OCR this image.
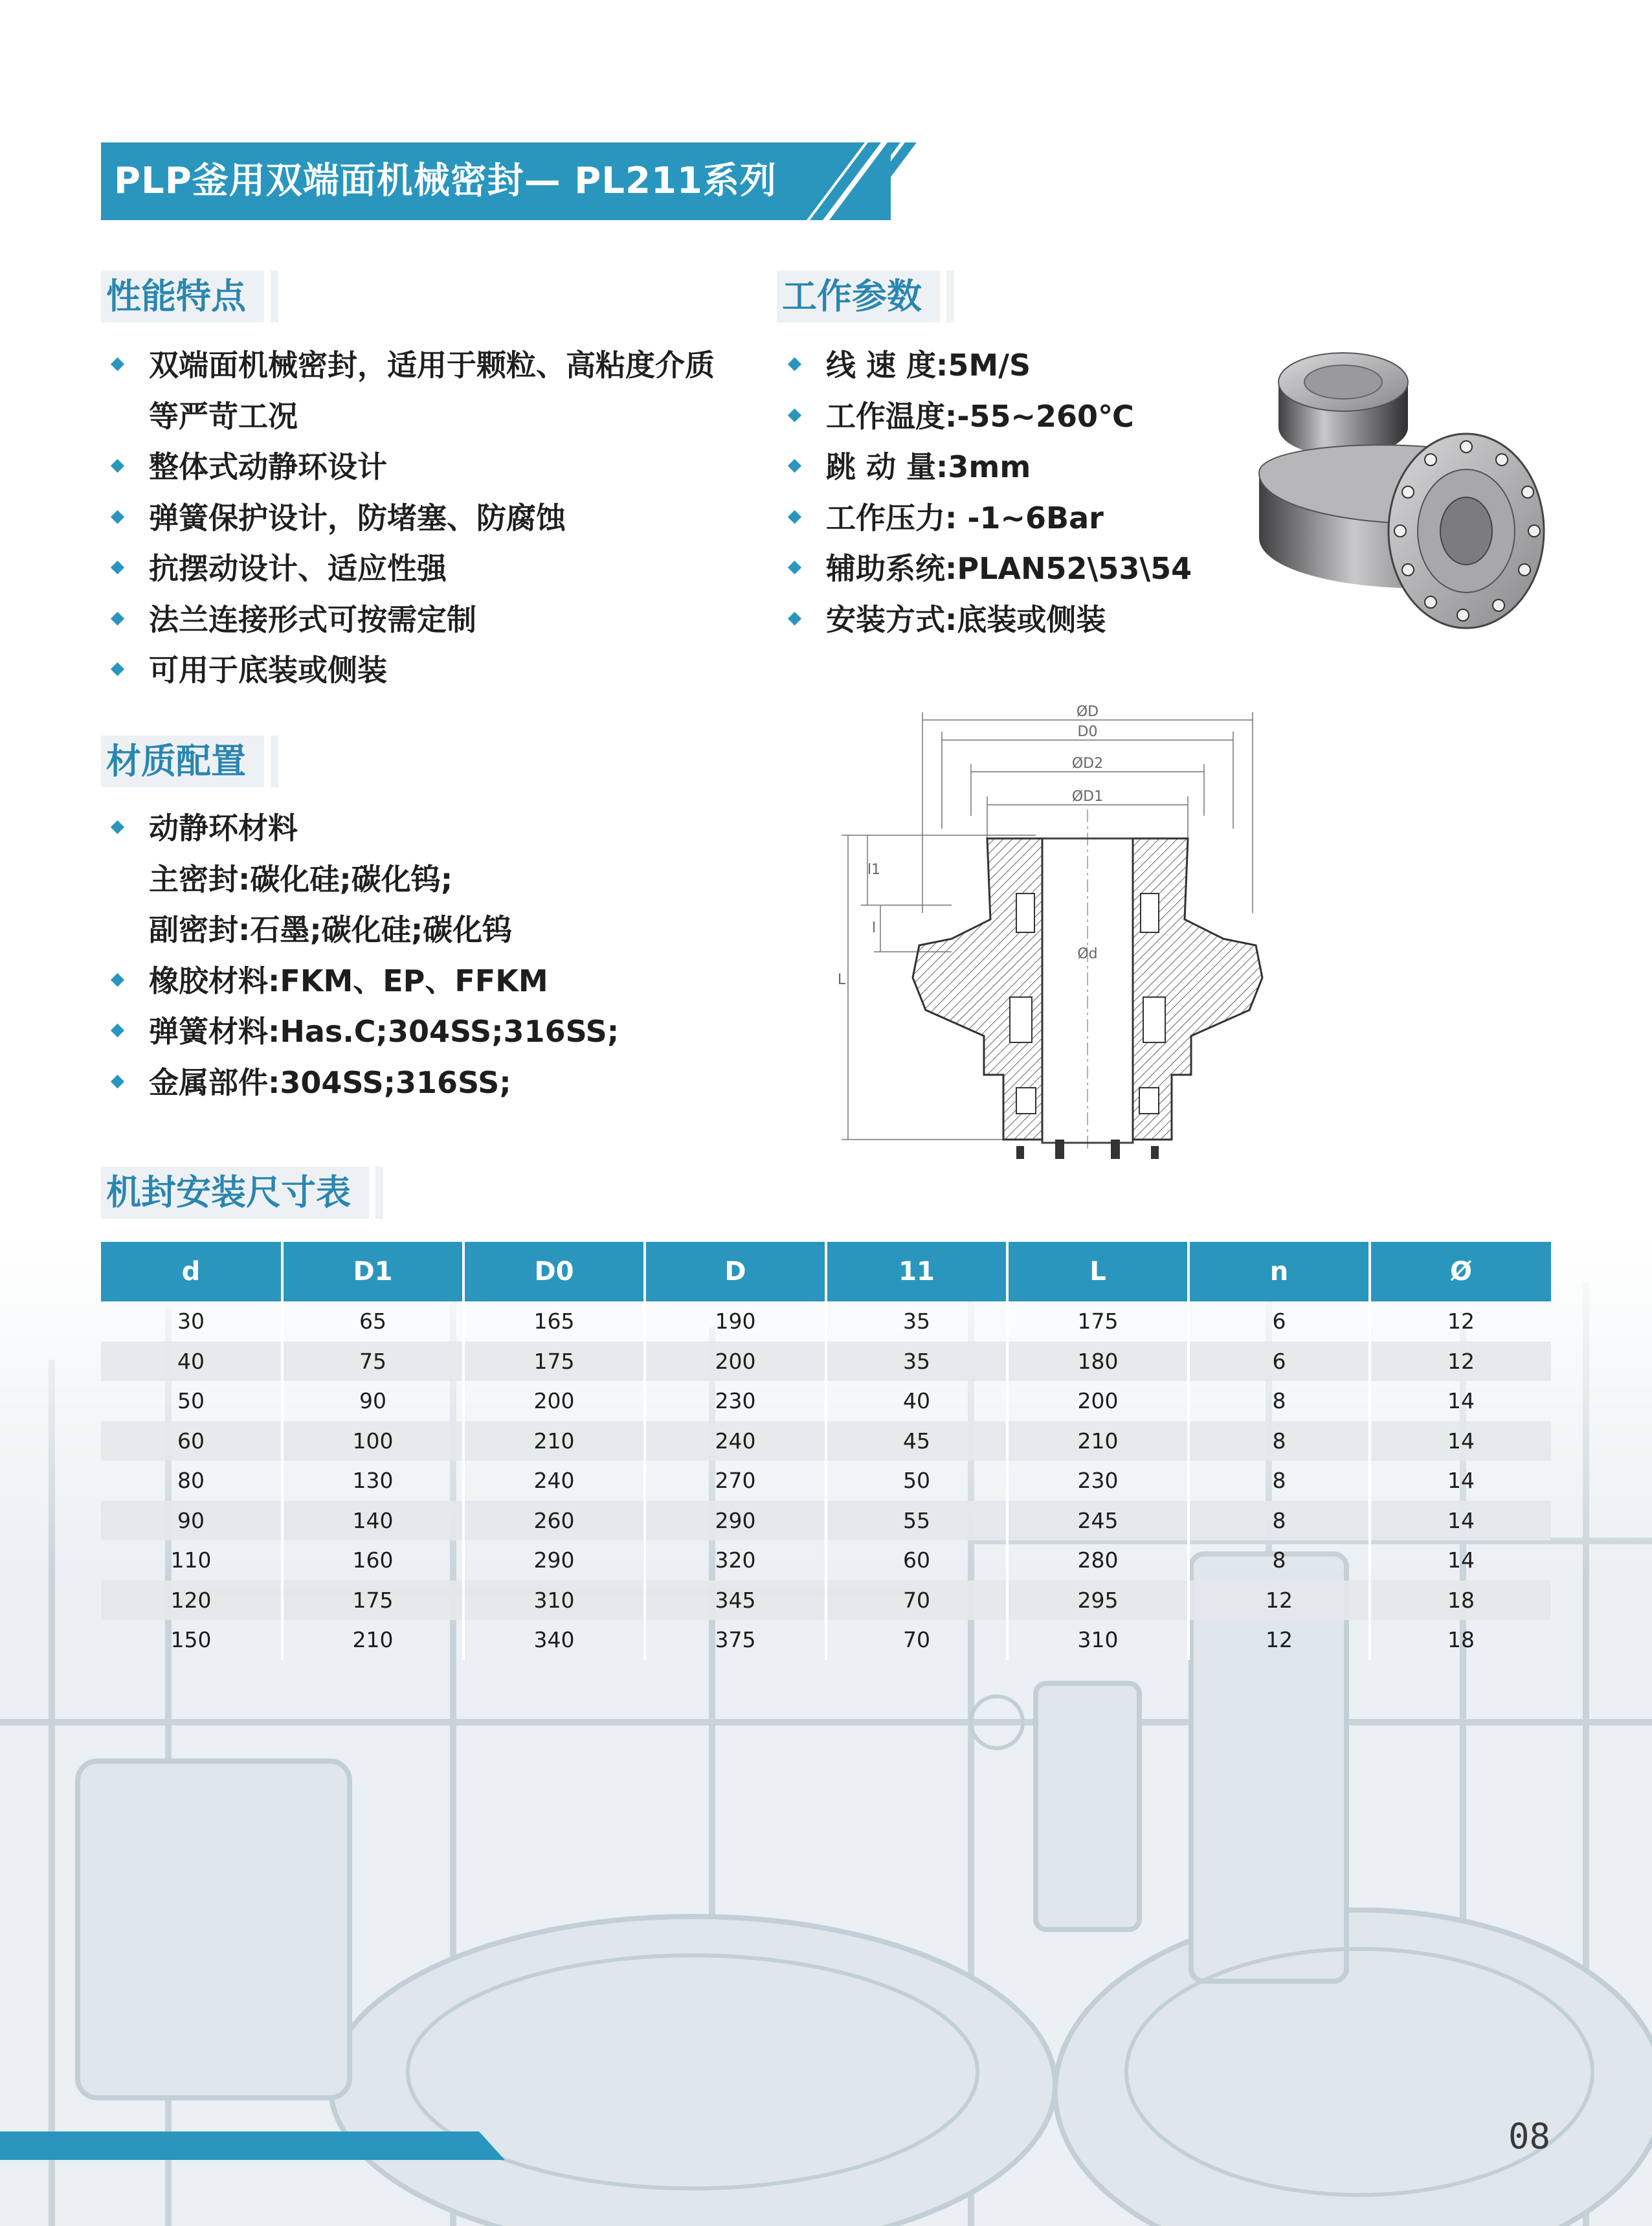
PLP釜用双端面机械密封— PL211系列
性能特点
双端面机械密封，适用于颗粒、高粘度介质
等严苛工况
整体式动静环设计
弹簧保护设计，防堵塞、防腐蚀
抗摆动设计、适应性强
法兰连接形式可按需定制
可用于底装或侧装
工作参数
线 速 度:5M/S
工作温度:-55~260℃
跳 动 量:3mm
工作压力: -1~6Bar
辅助系统:PLAN52\53\54
安装方式:底装或侧装
ØD
D0
ØD2
ØD1
Ød
L
l1
l
材质配置
动静环材料
主密封:碳化硅;碳化钨;
副密封:石墨;碳化硅;碳化钨
橡胶材料:FKM、EP、FFKM
弹簧材料:Has.C;304SS;316SS;
金属部件:304SS;316SS;
机封安装尺寸表
d	D1	D0	D	11	L	n	Ø
30	65	165	190	35	175	6	12
40	75	175	200	35	180	6	12
50	90	200	230	40	200	8	14
60	100	210	240	45	210	8	14
80	130	240	270	50	230	8	14
90	140	260	290	55	245	8	14
110	160	290	320	60	280	8	14
120	175	310	345	70	295	12	18
150	210	340	375	70	310	12	18
08
